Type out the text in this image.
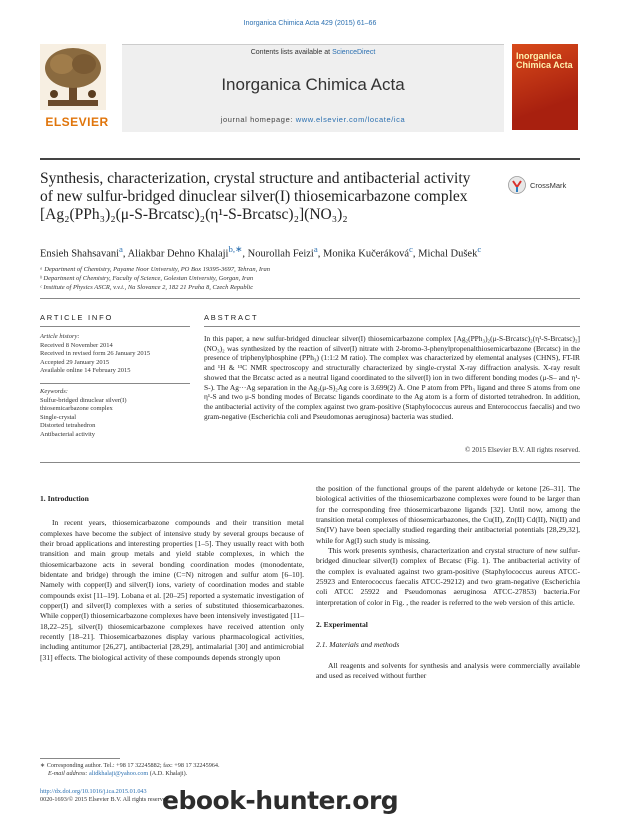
Inorganica Chimica Acta 429 (2015) 61–66
ELSEVIER
Contents lists available at ScienceDirect
Inorganica Chimica Acta
journal homepage: www.elsevier.com/locate/ica
Inorganica
Chimica Acta
Synthesis, characterization, crystal structure and antibacterial activity
of new sulfur-bridged dinuclear silver(I) thiosemicarbazone complex
[Ag₂(PPh₃)₂(μ-S-Brcatsc)₂(η¹-S-Brcatsc)₂](NO₃)₂
CrossMark
Ensieh Shahsavani$^a$, Aliakbar Dehno Khalaji$^{b,∗}$, Nourollah Feizi$^a$, Monika Kučeráková$^c$, Michal Dušek$^c$
ᵃ Department of Chemistry, Payame Noor University, PO Box 19395-3697, Tehran, Iran
ᵇ Department of Chemistry, Faculty of Science, Golestan University, Gorgan, Iran
ᶜ Institute of Physics ASCR, v.v.i., Na Slovance 2, 182 21 Praha 8, Czech Republic
ARTICLE INFO
Article history:
Received 8 November 2014
Received in revised form 26 January 2015
Accepted 29 January 2015
Available online 14 February 2015
Keywords:
Sulfur-bridged dinuclear silver(I)
thiosemicarbazone complex
Single-crystal
Distorted tetrahedron
Antibacterial activity
ABSTRACT
In this paper, a new sulfur-bridged dinuclear silver(I) thiosemicarbazone complex [Ag₂(PPh₃)₂(μ-S-Brcatsc)₂(η¹-S-Brcatsc)₂](NO₃)₂ was synthesized by the reaction of silver(I) nitrate with 2-bromo-3-phenylpropenalthiosemicarbazone (Brcatsc) in the presence of triphenylphosphine (PPh₃) (1:1:2 M ratio). The complex was characterized by elemental analyses (CHNS), FT-IR and ¹H & ¹³C NMR spectroscopy and structurally characterized by single-crystal X-ray diffraction analysis. X-ray result showed that the Brcatsc acted as a neutral ligand coordinated to the silver(I) ion in two different bonding modes (μ-S– and η¹-S-). The Ag···Ag separation in the Ag₂(μ-S)₂Ag core is 3.699(2) Å. One P atom from PPh₃ ligand and three S atoms from one η¹-S and two μ-S bonding modes of Brcatsc ligands coordinate to the Ag atom is a form of distorted tetrahedron. In addition, the antibacterial activity of the complex against two gram-positive (Staphylococcus aureus and Enterococcus faecalis) and two gram-negative (Escherichia coli and Pseudomonas aeruginosa) bacteria was studied.
© 2015 Elsevier B.V. All rights reserved.
1. Introduction

In recent years, thiosemicarbazone compounds and their transition metal complexes have become the subject of intensive study by several groups because of their broad applications and interesting properties [1–5]. They usually react with both transition and main group metals and yield stable complexes, in which the thiosemicarbazone acts in several bonding coordination modes (monodentate, bidentate and bridge) through the imine (C=N) nitrogen and sulfur atom [6–10]. Namely with copper(I) and silver(I) ions, variety of coordination modes and stable compounds exist [11–19]. Lobana et al. [20–25] reported a systematic investigation of copper(I) and silver(I) complexes with a series of substituted thiosemicarbazones. While copper(I) thiosemicarbazone complexes have been intensively investigated [11–18,22–25], silver(I) thiosemicarbazone complexes have received attention only recently [18–21]. Thiosemicarbazones display various pharmacological activities, including antitumor [26,27], antibacterial [28,29], antimalarial [30] and antimicrobial [31] effects. The biological activity of these compounds depends strongly upon

∗ Corresponding author. Tel.: +98 17 32245882; fax: +98 17 32245964.
E-mail address: alidkhalaji@yahoo.com (A.D. Khalaji).
http://dx.doi.org/10.1016/j.ica.2015.01.043
0020-1693/© 2015 Elsevier B.V. All rights reserved.

the position of the functional groups of the parent aldehyde or ketone [26–31]. The biological activities of the thiosemicarbazone complexes were found to be larger than for the corresponding free thiosemicarbazone ligands [32]. Until now, among the transition metal complexes of thiosemicarbazones, the Cu(II), Zn(II) Cd(II), Ni(II) and Sn(IV) have been specially studied regarding their antibacterial potentials [28,29,32], while for Ag(I) such study is missing.

This work presents synthesis, characterization and crystal structure of new sulfur-bridged dinuclear silver(I) complex of Brcatsc (Fig. 1). The antibacterial activity of the complex is evaluated against two gram-positive (Staphylococcus aureus ATCC-25923 and Enterococcus faecalis ATCC-29212) and two gram-negative (Escherichia coli ATCC 25922 and Pseudomonas aeruginosa ATCC-27853) bacteria.For interpretation of color in Fig. , the reader is referred to the web version of this article.

2. Experimental
2.1. Materials and methods

All reagents and solvents for synthesis and analysis were commercially available and used as received without further

ebook-hunter.org
